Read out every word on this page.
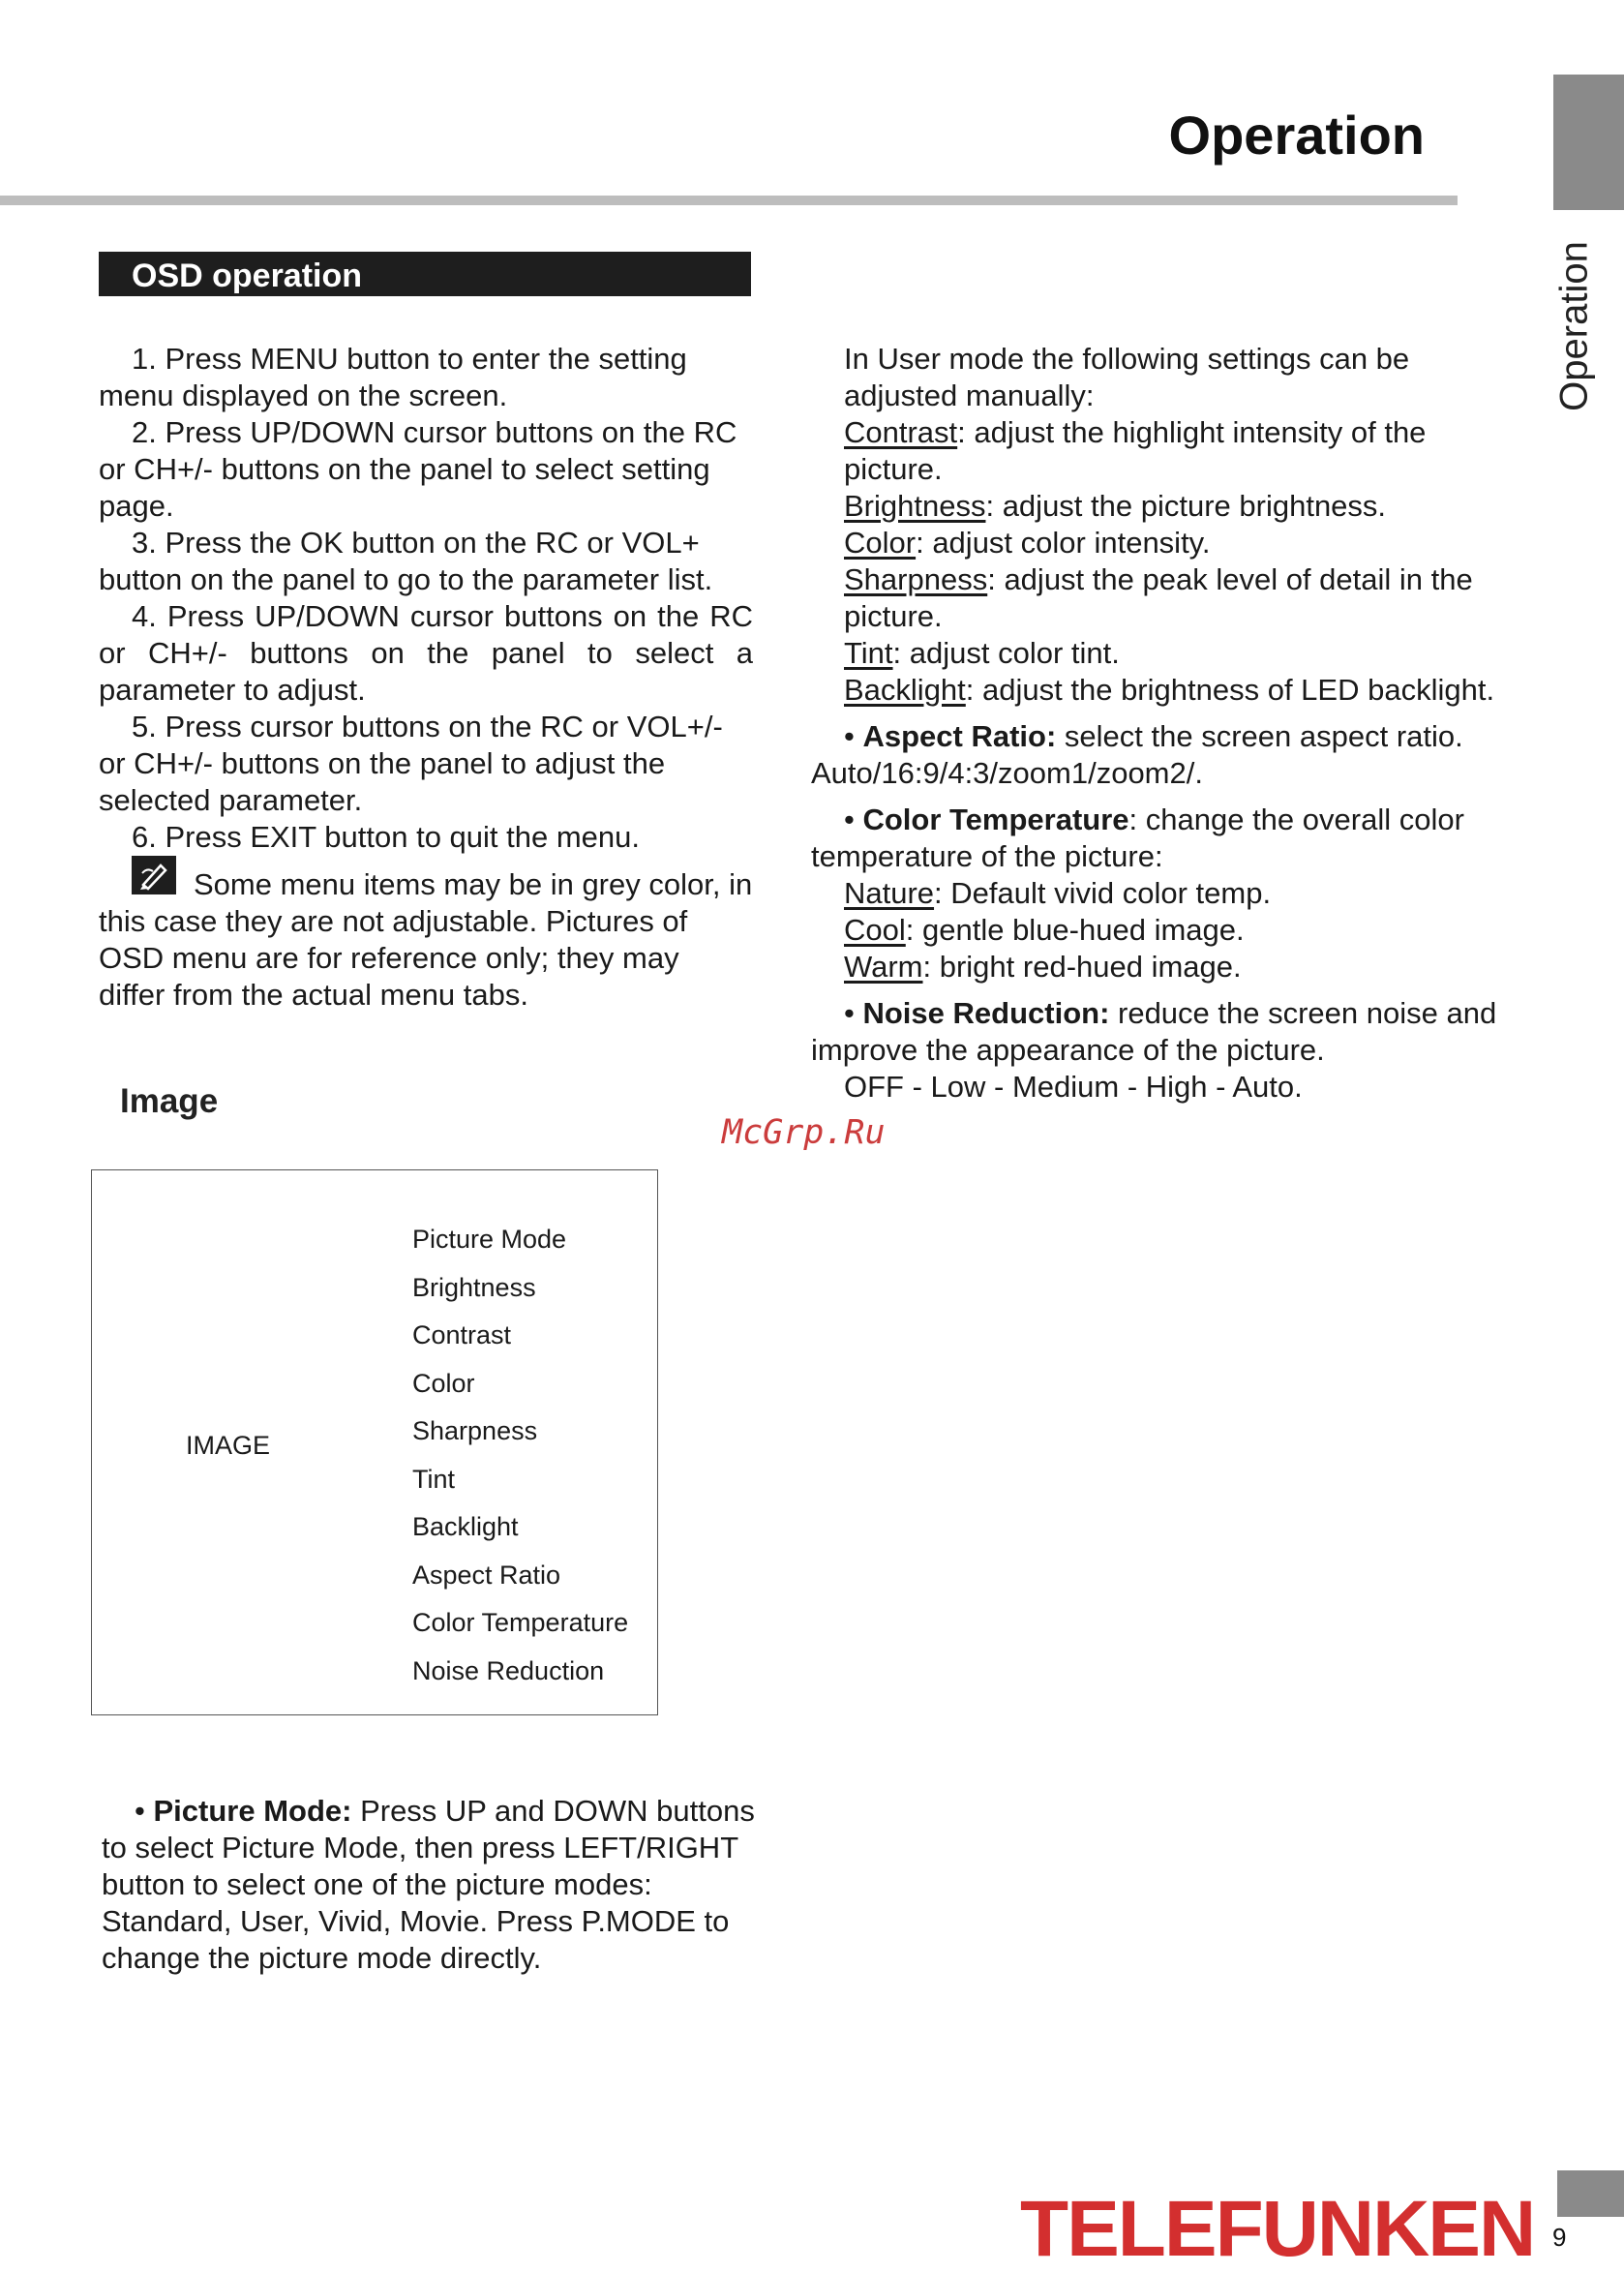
Operation
Operation
OSD operation

1. Press MENU button to enter the setting menu displayed on the screen.

2. Press UP/DOWN cursor buttons on the RC or CH+/- buttons on the panel to select setting page.

3. Press the OK button on the RC or VOL+ button on the panel to go to the parameter list.

4. Press UP/DOWN cursor buttons on the RC or CH+/- buttons on the panel to select a parameter to adjust.

5. Press cursor buttons on the RC or VOL+/- or CH+/- buttons on the panel to adjust the selected parameter.

6. Press EXIT button to quit the menu.

Some menu items may be in grey color, in this case they are not adjustable. Pictures of OSD menu are for reference only; they may differ from the actual menu tabs.

Image
McGrp.Ru
IMAGE
Picture Mode
Brightness
Contrast
Color
Sharpness
Tint
Backlight
Aspect Ratio
Color Temperature
Noise Reduction

• Picture Mode: Press UP and DOWN buttons to select Picture Mode, then press LEFT/RIGHT button to select one of the picture modes: Standard, User, Vivid, Movie. Press P.MODE to change the picture mode directly.

In User mode the following settings can be adjusted manually:

Contrast: adjust the highlight intensity of the picture.

Brightness: adjust the picture brightness.

Color: adjust color intensity.

Sharpness: adjust the peak level of detail in the picture.

Tint: adjust color tint.

Backlight: adjust the brightness of LED backlight.

• Aspect Ratio: select the screen aspect ratio. Auto/16:9/4:3/zoom1/zoom2/.

• Color Temperature: change the overall color temperature of the picture:

Nature: Default vivid color temp.

Cool: gentle blue-hued image.

Warm: bright red-hued image.

• Noise Reduction: reduce the screen noise and improve the appearance of the picture.

OFF - Low - Medium - High - Auto.

TELEFUNKEN 9
